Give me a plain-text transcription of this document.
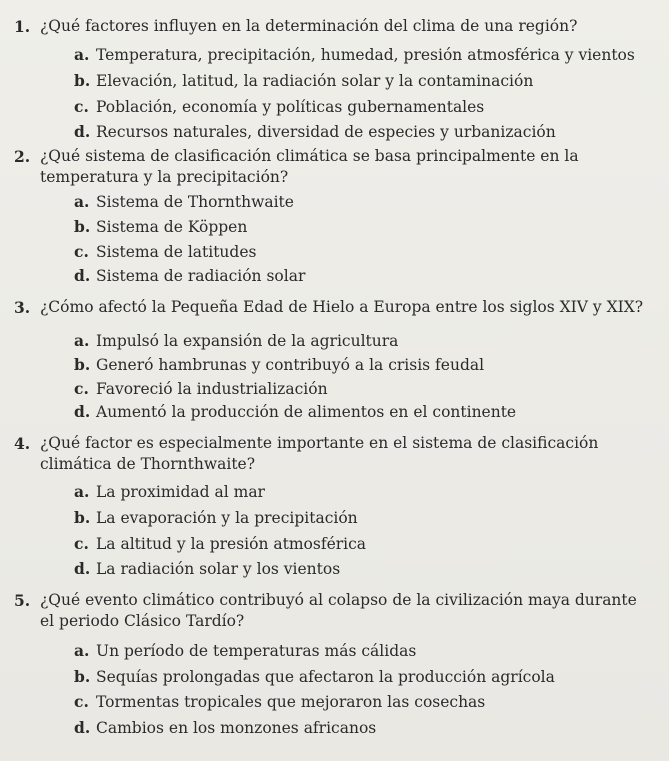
1. ¿Qué factores influyen en la determinación del clima de una región?
a. Temperatura, precipitación, humedad, presión atmosférica y vientos
b. Elevación, latitud, la radiación solar y la contaminación
c. Población, economía y políticas gubernamentales
d. Recursos naturales, diversidad de especies y urbanización
2. ¿Qué sistema de clasificación climática se basa principalmente en la temperatura y la precipitación?
a. Sistema de Thornthwaite
b. Sistema de Köppen
c. Sistema de latitudes
d. Sistema de radiación solar
3. ¿Cómo afectó la Pequeña Edad de Hielo a Europa entre los siglos XIV y XIX?
a. Impulsó la expansión de la agricultura
b. Generó hambrunas y contribuyó a la crisis feudal
c. Favoreció la industrialización
d. Aumentó la producción de alimentos en el continente
4. ¿Qué factor es especialmente importante en el sistema de clasificación climática de Thornthwaite?
a. La proximidad al mar
b. La evaporación y la precipitación
c. La altitud y la presión atmosférica
d. La radiación solar y los vientos
5. ¿Qué evento climático contribuyó al colapso de la civilización maya durante el periodo Clásico Tardío?
a. Un período de temperaturas más cálidas
b. Sequías prolongadas que afectaron la producción agrícola
c. Tormentas tropicales que mejoraron las cosechas
d. Cambios en los monzones africanos
